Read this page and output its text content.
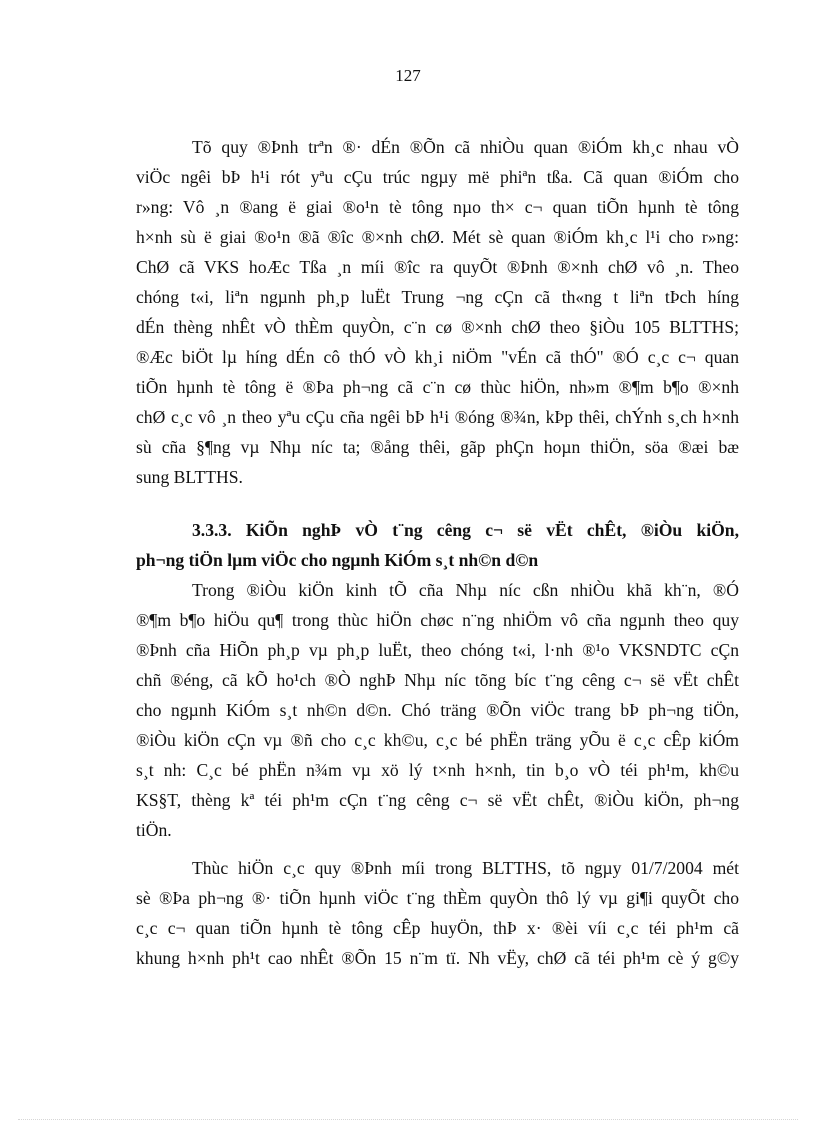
127

Tõ quy ®Þnh trªn ®· dÉn ®Õn cã nhiÒu quan ®iÓm kh¸c nhau vÒ

viÖc ngêi bÞ h¹i rót yªu cÇu trúc ngµy më phiªn tßa. Cã quan ®iÓm cho

r»ng: Vô ¸n ®ang ë giai ®o¹n tè tông nµo th× c¬ quan tiÕn hµnh tè tông

h×nh sù ë giai ®o¹n ®ã ®îc ®×nh chØ. Mét sè quan ®iÓm kh¸c l¹i cho r»ng:

ChØ cã VKS hoÆc Tßa ¸n míi ®îc ra quyÕt ®Þnh ®×nh chØ vô ¸n. Theo

chóng t«i, liªn ngµnh ph¸p luËt Trung ¬ng cÇn cã th«ng t liªn tÞch híng

dÉn thèng nhÊt vÒ thÈm quyÒn, c¨n cø ®×nh chØ theo §iÒu 105 BLTTHS;

®Æc biÖt lµ híng dÉn cô thÓ vÒ kh¸i niÖm "vÉn cã thÓ" ®Ó c¸c c¬ quan

tiÕn hµnh tè tông ë ®Þa ph¬ng cã c¨n cø thùc hiÖn, nh»m ®¶m b¶o ®×nh

chØ c¸c vô ¸n theo yªu cÇu cña ngêi bÞ h¹i ®óng ®¾n, kÞp thêi, chÝnh s¸ch h×nh

sù cña §¶ng vµ Nhµ níc ta; ®ång thêi, gãp phÇn hoµn thiÖn, söa ®æi bæ

sung BLTTHS.

3.3.3. KiÕn nghÞ vÒ t¨ng cêng c¬ së vËt chÊt, ®iÒu kiÖn,

ph¬ng tiÖn lµm viÖc cho ngµnh KiÓm s¸t nh©n d©n

Trong ®iÒu kiÖn kinh tÕ cña Nhµ níc cßn nhiÒu khã kh¨n, ®Ó

®¶m b¶o hiÖu qu¶ trong thùc hiÖn chøc n¨ng nhiÖm vô cña ngµnh theo quy

®Þnh cña HiÕn ph¸p vµ ph¸p luËt, theo chóng t«i, l·nh ®¹o VKSNDTC cÇn

chñ ®éng, cã kÕ ho¹ch ®Ò nghÞ Nhµ níc tõng bíc t¨ng cêng c¬ së vËt chÊt

cho ngµnh KiÓm s¸t nh©n d©n. Chó träng ®Õn viÖc trang bÞ ph¬ng tiÖn,

®iÒu kiÖn cÇn vµ ®ñ cho c¸c kh©u, c¸c bé phËn träng yÕu ë c¸c cÊp kiÓm

s¸t nh: C¸c bé phËn n¾m vµ xö lý t×nh h×nh, tin b¸o vÒ téi ph¹m, kh©u

KS§T, thèng kª téi ph¹m cÇn t¨ng cêng c¬ së vËt chÊt, ®iÒu kiÖn, ph¬ng

tiÖn.

Thùc hiÖn c¸c quy ®Þnh míi trong BLTTHS, tõ ngµy 01/7/2004 mét

sè ®Þa ph¬ng ®· tiÕn hµnh viÖc t¨ng thÈm quyÒn thô lý vµ gi¶i quyÕt cho

c¸c c¬ quan tiÕn hµnh tè tông cÊp huyÖn, thÞ x· ®èi víi c¸c téi ph¹m cã

khung h×nh ph¹t cao nhÊt ®Õn 15 n¨m tï. Nh vËy, chØ cã téi ph¹m cè ý g©y
